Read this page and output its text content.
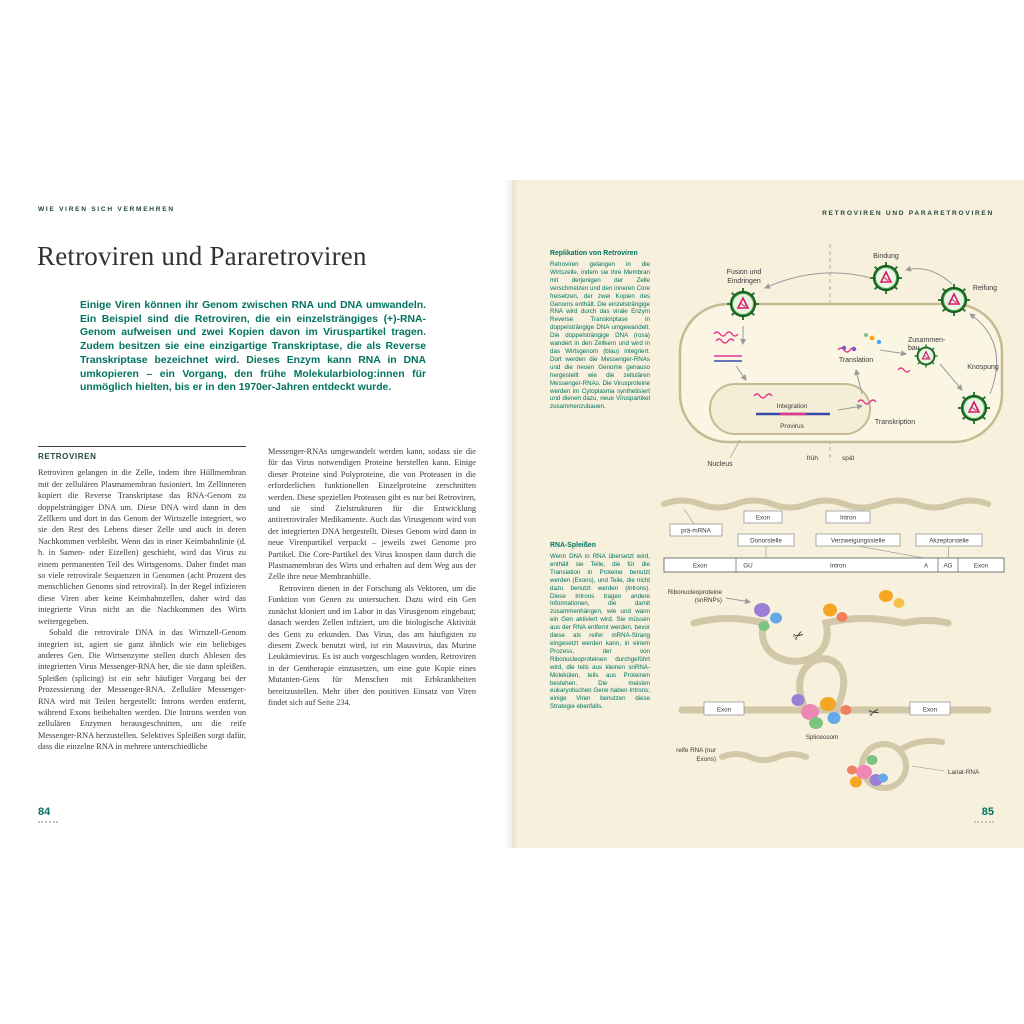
WIE VIREN SICH VERMEHREN
Retroviren und Pararetroviren
Einige Viren können ihr Genom zwischen RNA und DNA umwandeln. Ein Beispiel sind die Retroviren, die ein einzelsträngiges (+)-RNA-Genom aufweisen und zwei Kopien davon im Viruspartikel tragen. Zudem besitzen sie eine einzigartige Transkriptase, die als Reverse Transkriptase bezeichnet wird. Dieses Enzym kann RNA in DNA umkopieren – ein Vorgang, den frühe Molekularbiolog:innen für unmöglich hielten, bis er in den 1970er-Jahren entdeckt wurde.
RETROVIREN

Retroviren gelangen in die Zelle, indem ihre Hüllmembran mit der zellulären Plasmamembran fusioniert. Im Zellinneren kopiert die Reverse Transkriptase das RNA-Genom zu doppelsträngiger DNA um. Diese DNA wird dann in den Zellkern und dort in das Genom der Wirtszelle integriert, wo sie den Rest des Lebens dieser Zelle und auch in deren Nachkommen verbleibt. Wenn das in einer Keimbahnlinie (d. h. in Samen- oder Eizellen) geschieht, wird das Virus zu einem permanenten Teil des Wirtsgenoms. Daher findet man so viele retrovirale Sequenzen in Genomen (acht Prozent des menschlichen Genoms sind retroviral). In der Regel infizieren diese Viren aber keine Keimbahnzellen, daher wird das integrierte Virus nicht an die Nachkommen des Wirts weitergegeben.

Sobald die retrovirale DNA in das Wirtszell-Genom integriert ist, agiert sie ganz ähnlich wie ein beliebiges anderes Gen. Die Wirtsenzyme stellen durch Ablesen des integrierten Virus Messenger-RNA her, die sie dann spleißen. Spleißen (splicing) ist ein sehr häufiger Vorgang bei der Prozessierung der Messenger-RNA. Zelluläre Messenger-RNA wird mit Teilen hergestellt: Introns werden entfernt, während Exons beibehalten werden. Die Introns werden von zellulären Enzymen herausgeschnitten, um die reife Messenger-RNA herzustellen. Selektives Spleißen sorgt dafür, dass die einzelne RNA in mehrere unterschiedliche

Messenger-RNAs umgewandelt werden kann, sodass sie die für das Virus notwendigen Proteine herstellen kann. Einige dieser Proteine sind Polyproteine, die von Proteasen in die erforderlichen funktionellen Einzelproteine zerschnitten werden. Diese speziellen Proteasen gibt es nur bei Retroviren, und sie sind Zielstrukturen für die Entwicklung antiretroviraler Medikamente. Auch das Virusgenom wird von der integrierten DNA hergestellt. Dieses Genom wird dann in neue Virenpartikel verpackt – jeweils zwei Genome pro Partikel. Die Core-Partikel des Virus knospen dann durch die Plasmamembran des Wirts und erhalten auf dem Weg aus der Zelle ihre neue Membranhülle.

Retroviren dienen in der Forschung als Vektoren, um die Funktion von Genen zu untersuchen. Dazu wird ein Gen zunächst kloniert und im Labor in das Virusgenom eingebaut; danach werden Zellen infiziert, um die biologische Aktivität des Gens zu erkunden. Das Virus, das am häufigsten zu diesem Zweck benutzt wird, ist ein Mausvirus, das Murine Leukämievirus. Es ist auch vorgeschlagen worden, Retroviren in der Gentherapie einzusetzen, um eine gute Kopie eines Mutanten-Gens für Menschen mit Erbkrankheiten bereitzustellen. Mehr über den positiven Einsatz von Viren findet sich auf Seite 234.

84
RETROVIREN UND PARARETROVIREN
Replikation von Retroviren

Retroviren gelangen in die Wirtszelle, indem sie ihre Membran mit derjenigen der Zelle verschmelzen und den inneren Core freisetzen, der zwei Kopien des Genoms enthält. Die einzelsträngige RNA wird durch das virale Enzym Reverse Transkriptase in doppelsträngige DNA umgewandelt. Die doppelsträngige DNA (rosa) wandert in den Zellkern und wird in das Wirtsgenom (blau) integriert. Dort werden die Messenger-RNAs und die neuen Genome genauso hergestellt wie die zellulären Messenger-RNAs. Die Virusproteine werden im Cytoplasma synthetisiert und dienen dazu, neue Viruspartikel zusammenzubauen.

RNA-Spleißen

Wenn DNA in RNA übersetzt wird, enthält sie Teile, die für die Translation in Proteine benutzt werden (Exons), und Teile, die nicht dazu benutzt werden (Introns). Diese Introns tragen andere Informationen, die damit zusammenhängen, wie und wann ein Gen aktiviert wird. Sie müssen aus der RNA entfernt werden, bevor diese als reifer mRNA-Strang eingesetzt werden kann, in einem Prozess, der von Ribonucleoproteinen durchgeführt wird, die teils aus kleinen snRNA-Molekülen, teils aus Proteinen bestehen. Die meisten eukaryotischen Gene haben Introns; einige Viren benutzen diese Strategie ebenfalls.

Fusion und
Eindringen
Bindung
Reifung
Zusammen-
bau
Knospung
Translation
Transkription
Integration
Provirus
Nucleus
früh	spät
prä-mRNA
Exon	Intron
Donorstelle	Verzweigungsstelle	Akzeptorstelle
Exon	GU	Intron	A AG	Exon
Ribonucleoproteine
(snRNPs)
✂
Exon	Exon
✂
Spliceosom
reife RNA (nur
Exons)
Lariat-RNA
85
